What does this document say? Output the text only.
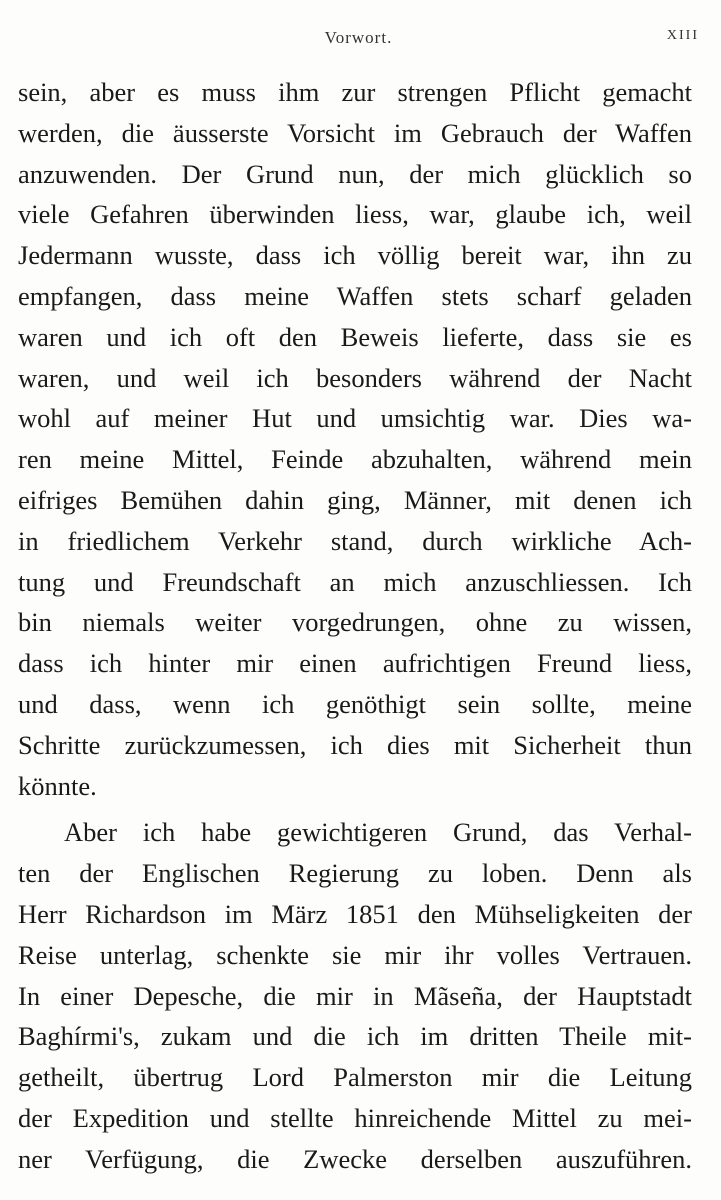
Vorwort.	XIII
sein, aber es muss ihm zur strengen Pflicht gemacht
werden, die äusserste Vorsicht im Gebrauch der Waffen
anzuwenden. Der Grund nun, der mich glücklich so
viele Gefahren überwinden liess, war, glaube ich, weil
Jedermann wusste, dass ich völlig bereit war, ihn zu
empfangen, dass meine Waffen stets scharf geladen
waren und ich oft den Beweis lieferte, dass sie es
waren, und weil ich besonders während der Nacht
wohl auf meiner Hut und umsichtig war. Dies wa-
ren meine Mittel, Feinde abzuhalten, während mein
eifriges Bemühen dahin ging, Männer, mit denen ich
in friedlichem Verkehr stand, durch wirkliche Ach-
tung und Freundschaft an mich anzuschliessen. Ich
bin niemals weiter vorgedrungen, ohne zu wissen,
dass ich hinter mir einen aufrichtigen Freund liess,
und dass, wenn ich genöthigt sein sollte, meine
Schritte zurückzumessen, ich dies mit Sicherheit thun
könnte.
Aber ich habe gewichtigeren Grund, das Verhal-
ten der Englischen Regierung zu loben. Denn als
Herr Richardson im März 1851 den Mühseligkeiten der
Reise unterlag, schenkte sie mir ihr volles Vertrauen.
In einer Depesche, die mir in Mãseña, der Hauptstadt
Baghírmi's, zukam und die ich im dritten Theile mit-
getheilt, übertrug Lord Palmerston mir die Leitung
der Expedition und stellte hinreichende Mittel zu mei-
ner Verfügung, die Zwecke derselben auszuführen.
